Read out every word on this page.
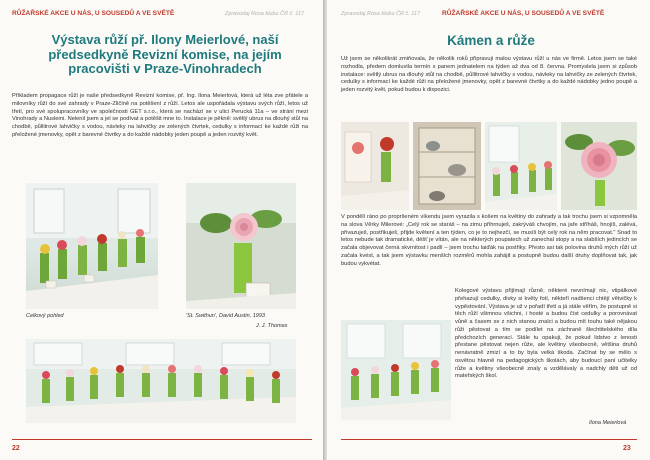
RŮŽAŘSKÉ AKCE U NÁS, U SOUSEDŮ A VE SVĚTĚ	Zpravodaj Rosa klubu ČR č. 117
Výstava růží př. Ilony Meierlové, naší předsedkyně Revizní komise, na jejím pracovišti v Praze-Vinohradech
Příkladem propagace růží je naše předsedkyně Revizní komise, př. Ing. Ilona Meierlová, která už léta zve přátele a milovníky růží do své zahrady v Praze-Zličíně na potěšení z růží. Letos ale uspořádala výstavu svých růží, letos už třetí, pro své spolupracovníky ve společnosti GET s.r.o., která se nachází se v ulici Perucká 11a – ve stráni mezi Vinohrady a Nuslemi. Nelenil jsem a jel se podívat a potěšit mne to. Instalace je pěkně: světlý ubrus na dlouhý stůl na chodbě, půllitrové lahvičky s vodou, návleky na lahvičky ze zelených čtvrtek, cedulky s informací ke každé růži na přeložené jmenovky, opět z barevné čtvrtky a do každé nádobky jeden poupě a jeden rozvitý květ.
Celkový pohled	'St. Swithun', David Austin, 1993
J. J. Thomas
22
Zpravodaj Rosa klubu ČR č. 117	RŮŽAŘSKÉ AKCE U NÁS, U SOUSEDŮ A VE SVĚTĚ
Kámen a růže
Už jsem se několikrát zmiňovala, že několik roků připravuji malou výstavu růží u nás ve firmě. Letos jsem se také rozhodla, předem domluvila termín s panem jednatelem na týden až dva od 8. června. Promyslela jsem si způsob instalace: světlý ubrus na dlouhý stůl na chodbě, půllitrové lahvičky s vodou, návleky na lahvičky ze zelených čtvrtek, cedulky s informací ke každé růži na přeložené jmenovky, opět z barevné čtvrtky a do každé nádobky jedno poupě a jeden rozvitý květ, pokud budou k dispozici.
V pondělí ráno po propršeném víkendu jsem vyrazila s košem na květiny do zahrady a tak trochu jsem si vzpomněla na slova Věrky Milerové: „Celý rok se staráš – na zimu přihrnuješ, zakrýváš chvojím, na jaře stříháš, hnojíš, zalévá, přivazuješ, postřikuješ, přijde květení a ten týden, co je to nejhezčí, se musíš být celý rok na něm pracovat." Snad to letos nebude tak dramatické, déšť je vítán, ale na některých poupatech už zanechal stopy a na slabších jedincích se začala objevovat černá skvrnitost i padlí – jsem trochu laiďák na postřiky. Přesto asi tak polovina druhů mých růží už začala kvést, a tak jsem výstavku menších rozměrů mohla zahájit a postupně budou další druhy doplňovat tak, jak budou vykvétat.
Kolegové výstavu přijímají různě, některé nevnímají nic, vtipálkové přehazují cedulky, divky si květy fotí, někteří nadšenci chtějí větvičky k vypěstování. Výstava je už v pořadí třetí a já stále věřím, že postupně si těch růží všimnou všichni, i hosté a budou číst cedulky a porovnávat vůně a časem se z nich stanou znalci a budou mít touhu také nějakou růži pěstovat a tím se podílet na záchraně šlechtitelského díla předchozích generací. Stále tu opakuji, že pokud lidstvo z lenosti přestane pěstovat nejen růže, ale květiny všeobecně, většina druhů nenávratně zmizí a to by byla velká škoda. Začínat by se mělo s osvětou hlavně na pedagogických školách, aby budoucí paní učitelky růže a květiny všeobecně znaly a vzdělávaly a nadchly děti už od mateřských škol.
Ilona Meierlová
23
